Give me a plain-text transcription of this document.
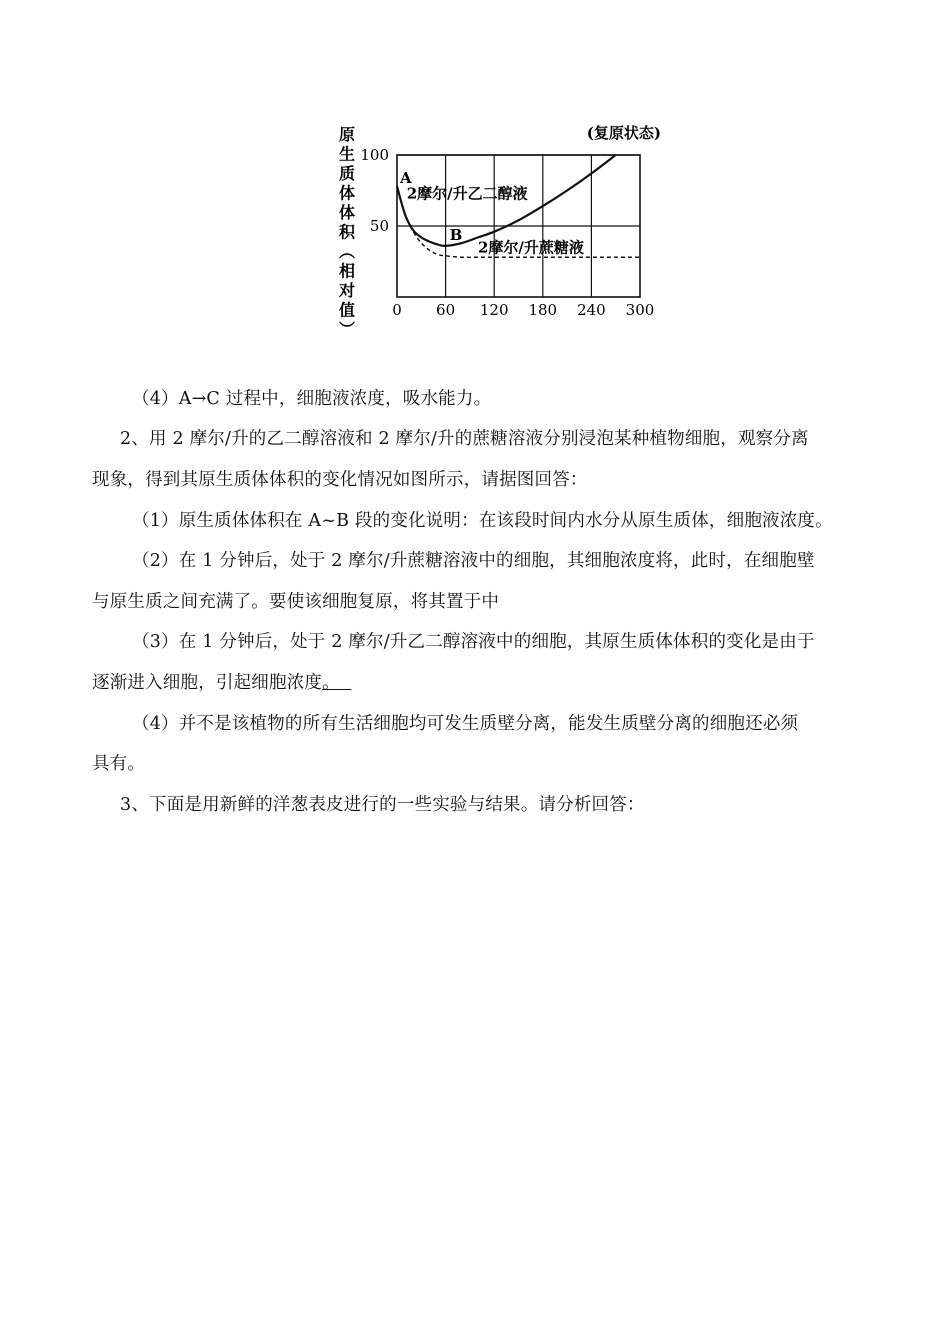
原生质体体积︵相对值︶
(复原状态)
0 60 120 180 240 300
50
100
2摩尔/升乙二醇液
2摩尔/升蔗糖液
A
B
（4）A→C 过程中，细胞液浓度，吸水能力。
2、用 2 摩尔/升的乙二醇溶液和 2 摩尔/升的蔗糖溶液分别浸泡某种植物细胞，观察分离
现象，得到其原生质体体积的变化情况如图所示，请据图回答：
（1）原生质体体积在 A~B 段的变化说明：在该段时间内水分从原生质体，细胞液浓度。
（2）在 1 分钟后，处于 2 摩尔/升蔗糖溶液中的细胞，其细胞浓度将，此时，在细胞壁
与原生质之间充满了。要使该细胞复原，将其置于中
（3）在 1 分钟后，处于 2 摩尔/升乙二醇溶液中的细胞，其原生质体体积的变化是由于
逐渐进入细胞，引起细胞浓度。
（4）并不是该植物的所有生活细胞均可发生质壁分离，能发生质壁分离的细胞还必须
具有。
3、下面是用新鲜的洋葱表皮进行的一些实验与结果。请分析回答：
